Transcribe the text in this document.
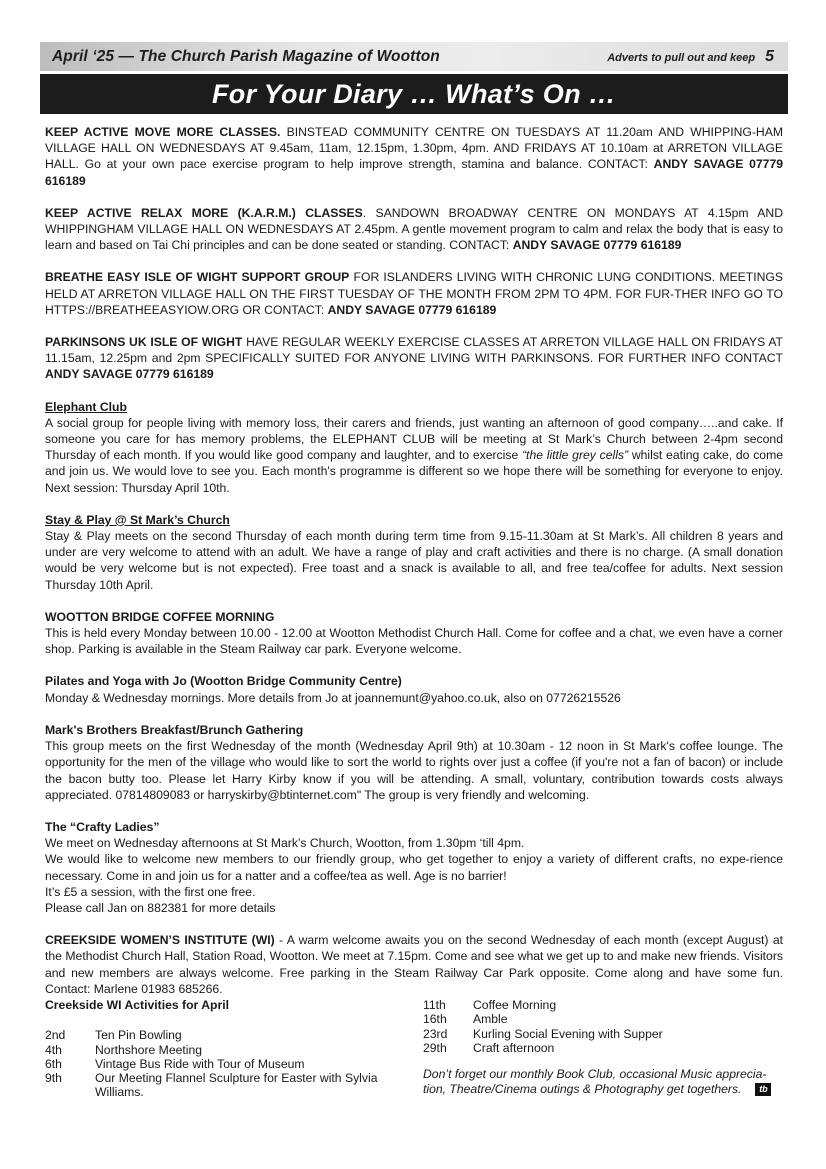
April ‘25 — The Church Parish Magazine of Wootton	Adverts to pull out and keep 5
For Your Diary … What’s On …

KEEP ACTIVE MOVE MORE CLASSES. BINSTEAD COMMUNITY CENTRE ON TUESDAYS AT 11.20am AND WHIPPING-HAM VILLAGE HALL ON WEDNESDAYS AT 9.45am, 11am, 12.15pm, 1.30pm, 4pm. AND FRIDAYS AT 10.10am at ARRETON VILLAGE HALL. Go at your own pace exercise program to help improve strength, stamina and balance. CONTACT: ANDY SAVAGE 07779 616189

KEEP ACTIVE RELAX MORE (K.A.R.M.) CLASSES. SANDOWN BROADWAY CENTRE ON MONDAYS AT 4.15pm AND WHIPPINGHAM VILLAGE HALL ON WEDNESDAYS AT 2.45pm. A gentle movement program to calm and relax the body that is easy to learn and based on Tai Chi principles and can be done seated or standing. CONTACT: ANDY SAVAGE 07779 616189

BREATHE EASY ISLE OF WIGHT SUPPORT GROUP FOR ISLANDERS LIVING WITH CHRONIC LUNG CONDITIONS. MEETINGS HELD AT ARRETON VILLAGE HALL ON THE FIRST TUESDAY OF THE MONTH FROM 2PM TO 4PM. FOR FUR-THER INFO GO TO HTTPS://BREATHEEASYIOW.ORG OR CONTACT: ANDY SAVAGE 07779 616189

PARKINSONS UK ISLE OF WIGHT HAVE REGULAR WEEKLY EXERCISE CLASSES AT ARRETON VILLAGE HALL ON FRIDAYS AT 11.15am, 12.25pm and 2pm SPECIFICALLY SUITED FOR ANYONE LIVING WITH PARKINSONS. FOR FURTHER INFO CONTACT ANDY SAVAGE 07779 616189

Elephant Club
A social group for people living with memory loss, their carers and friends, just wanting an afternoon of good company…..and cake. If someone you care for has memory problems, the ELEPHANT CLUB will be meeting at St Mark’s Church between 2-4pm second Thursday of each month. If you would like good company and laughter, and to exercise “the little grey cells” whilst eating cake, do come and join us. We would love to see you. Each month's programme is different so we hope there will be something for everyone to enjoy. Next session: Thursday April 10th.

Stay & Play @ St Mark’s Church
Stay & Play meets on the second Thursday of each month during term time from 9.15-11.30am at St Mark’s. All children 8 years and under are very welcome to attend with an adult. We have a range of play and craft activities and there is no charge. (A small donation would be very welcome but is not expected). Free toast and a snack is available to all, and free tea/coffee for adults. Next session Thursday 10th April.

WOOTTON BRIDGE COFFEE MORNING
This is held every Monday between 10.00 - 12.00 at Wootton Methodist Church Hall. Come for coffee and a chat, we even have a corner shop. Parking is available in the Steam Railway car park. Everyone welcome.

Pilates and Yoga with Jo (Wootton Bridge Community Centre)
Monday & Wednesday mornings. More details from Jo at joannemunt@yahoo.co.uk, also on 07726215526

Mark's Brothers Breakfast/Brunch Gathering
This group meets on the first Wednesday of the month (Wednesday April 9th) at 10.30am - 12 noon in St Mark's coffee lounge. The opportunity for the men of the village who would like to sort the world to rights over just a coffee (if you're not a fan of bacon) or include the bacon butty too. Please let Harry Kirby know if you will be attending. A small, voluntary, contribution towards costs always appreciated. 07814809083 or harryskirby@btinternet.com" The group is very friendly and welcoming.

The “Crafty Ladies”
We meet on Wednesday afternoons at St Mark’s Church, Wootton, from 1.30pm ‘till 4pm.
We would like to welcome new members to our friendly group, who get together to enjoy a variety of different crafts, no expe-rience necessary. Come in and join us for a natter and a coffee/tea as well. Age is no barrier!
It’s £5 a session, with the first one free.
Please call Jan on 882381 for more details

CREEKSIDE WOMEN’S INSTITUTE (WI) - A warm welcome awaits you on the second Wednesday of each month (except August) at the Methodist Church Hall, Station Road, Wootton. We meet at 7.15pm. Come and see what we get up to and make new friends. Visitors and new members are always welcome. Free parking in the Steam Railway Car Park opposite. Come along and have some fun. Contact: Marlene 01983 685266.

Creekside WI Activities for April
2nd	Ten Pin Bowling
4th	Northshore Meeting
6th	Vintage Bus Ride with Tour of Museum
9th	Our Meeting Flannel Sculpture for Easter with Sylvia Williams.
11th	Coffee Morning
16th	Amble
23rd	Kurling Social Evening with Supper
29th	Craft afternoon
Don’t forget our monthly Book Club, occasional Music apprecia-tion, Theatre/Cinema outings & Photography get togethers. tb
